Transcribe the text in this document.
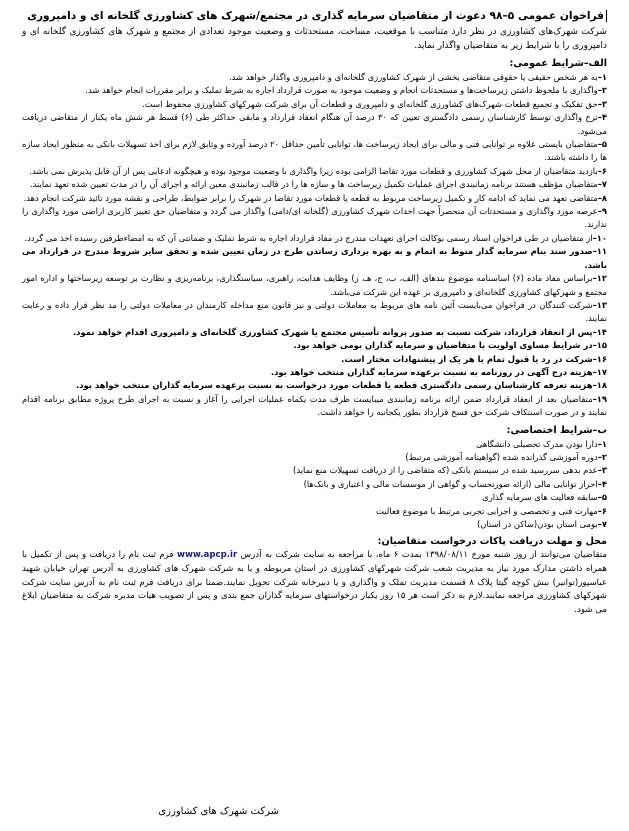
فراخوان عمومی ۵–۹۸ دعوت از متقاضیان سرمایه گذاری در مجتمع/شهرک های کشاورزی گلخانه ای و دامپروری
شرکت شهرک‌های کشاورزی در نظر دارد متناسب با موقعیت، مساحت، مستحدثات و وضعیت موجود تعدادی از مجتمع و شهرک های کشاورزی گلخانه ای و دامپروری را با شرایط زیر به متقاضیان واگذار نماید.
الف–شرایط عمومی:
۱–به هر شخص حقیقی یا حقوقی متقاضی بخشی از شهرک کشاورزی گلخانه‌ای و دامپروری واگذار خواهد شد.
۲–واگذاری با ملحوظ داشتن زیرساخت‌ها و مستحدثات انجام و وضعیت موجود به صورت قرارداد اجاره به شرط تملیک و برابر مقررات انجام خواهد شد.
۳–حق تفکیک و تجمیع قطعات شهرک‌های کشاورزی گلخانه‌ای و دامپروری و قطعات آن برای شرکت شهرکهای کشاورزی محفوظ است.
۴–نرخ واگذاری توسط کارشناسان رسمی دادگستری تعیین که ۳۰ درصد آن هنگام انعقاد قرارداد و مابقی حداکثر طی (۶) قسط هر شش ماه یکبار از متقاضی دریافت می‌شود.
۵–متقاضیان بایستی علاوه بر توانایی فنی و مالی برای ایجاد زیرساخت ها، توانایی تأمین حداقل ۲۰ درصد آورده و وثایق لازم برای اخذ تسهیلات بانکی به منظور ایجاد سازه ها را داشته باشند.
۶–بازدید متقاضیان از محل شهرک کشاورزی و قطعات مورد تقاضا الزامی بوده زیرا واگذاری با وضعیت موجود بوده و هیچگونه ادعایی پس از آن قابل پذیرش نمی باشد.
۷–متقاضیان مؤظف هستند برنامه زمانبندی اجرای عملیات تکمیل زیرساخت ها و سازه ها را در قالب زمانبندی معین ارائه و اجرای آن را در مدت تعیین شده تعهد نمایند.
۸–متقاضی تعهد می نماید که ادامه کار و تکمیل زیرساخت مربوط به قطعه یا قطعات مورد تقاضا در شهرک را برابر ضوابط، طراحی و نقشه مورد تائید شرکت انجام دهد.
۹–عرصه مورد واگذاری و مستحدثات آن منحصراً جهت احداث شهرک کشاورزی (گلخانه ای/دامی) واگذار می گردد و متقاضیان حق تغییر کاربری اراضی مورد واگذاری را ندارند.
۱۰–از متقاضیان در طی فراخوان اسناد رسمی بوکالت اجرای تعهدات مندرج در مفاد قرارداد اجاره به شرط تملیک و ضمانتی آن که به امضاءطرفین رسیده اخذ می گردد.
۱۱–صدور سند بنام سرمایه گذار منوط به اتمام و به بهره برداری رساندن طرح در زمان تعیین شده و تحقق سایر شروط مندرج در قرارداد می باشد.
۱۲–براساس مفاد ماده (۶) اساسنامه موضوع بندهای (الف، ب، ج، هـ، ز) وظایف هدایت، راهبری، سیاستگذاری، برنامه‌ریزی و نظارت بر توسعه زیرساختها و اداره امور مجتمع و شهرکهای کشاورزی گلخانه‌ای و دامپروری بر عهده این شرکت می‌باشد.
۱۳–شرکت کنندگان در فراخوان می‌بایست آئین نامه های مربوط به معاملات دولتی و نیز قانون منع مداخله کارمندان در معاملات دولتی را مد نظر قرار داده و رعایت نمایند.
۱۴–پس از انعقاد قرارداد، شرکت نسبت به صدور پروانه تأسیس مجتمع یا شهرک کشاورزی گلخانه‌ای و دامپروری اقدام خواهد نمود.
۱۵–در شرایط مساوی اولویت با متقاضیان و سرمایه گذاران بومی خواهد بود.
۱۶–شرکت در رد یا قبول تمام یا هر یک از پیشنهادات مختار است.
۱۷–هزینه درج آگهی در روزنامه به نسبت برعهده سرمایه گذاران منتخب خواهد بود.
۱۸–هزینه تعرفه کارشناسان رسمی دادگستری قطعه یا قطعات مورد درخواست به نسبت برعهده سرمایه گذاران منتخب خواهد بود.
۱۹–متقاضیان بعد از انعقاد قرارداد ضمن ارائه برنامه زمانبندی میبایست ظرف مدت یکماه عملیات اجرایی را آغاز و نسبت به اجرای طرح پروژه مطابق برنامه اقدام نمایند و در صورت استنکاف شرکت حق فسخ قرارداد بطور یکجانبه را خواهد داشت.
ب–شرایط اختصاصی:
۱–دارا بودن مدرک تحصیلی دانشگاهی
۲–دوره آموزشی گذرانده شده (گواهینامه آموزشی مرتبط)
۳–عدم بدهی سررسید شده در سیستم بانکی (که متقاضی را از دریافت تسهیلات منع نماید)
۴–احراز توانایی مالی (ارائه صورتحساب و گواهی از موسسات مالی و اعتباری و بانک‌ها)
۵–سابقه فعالیت های سرمایه گذاری
۶–مهارت فنی و تخصصی و اجرایی تجربی مرتبط با موضوع فعالیت
۷–بومی استان بودن(ساکن در استان)
محل و مهلت دریافت پاکات درخواست متقاضیان:
متقاضیان می‌توانند از روز شنبه مورخ ۱۳۹۸/۰۸/۱۱ بمدت ۶ ماه، با مراجعه به سایت شرکت به آدرس www.apcp.ir فرم ثبت نام را دریافت و پس از تکمیل با همراه داشتن مدارک مورد نیاز به مدیریت شعب شرکت شهرکهای کشاورزی در استان مربوطه و یا به شرکت شهرک های کشاورزی به آدرس تهران خیابان شهید عباسپور(توانیر) نبش کوچه گیتا پلاک ۸ قسمت مدیریت تملک و واگذاری و یا دبیرخانه شرکت تحویل نمایند.ضمنا برای دریافت فرم ثبت نام به آدرس سایت شرکت شهرکهای کشاورزی مراجعه نمایند.لازم به ذکر است هر ۱۵ روز یکبار درخواستهای سرمایه گذاران جمع بندی و پس از تصویب هیات مدیره شرکت به متقاضیان ابلاغ می شود.
شرکت شهرک های کشاورزی
